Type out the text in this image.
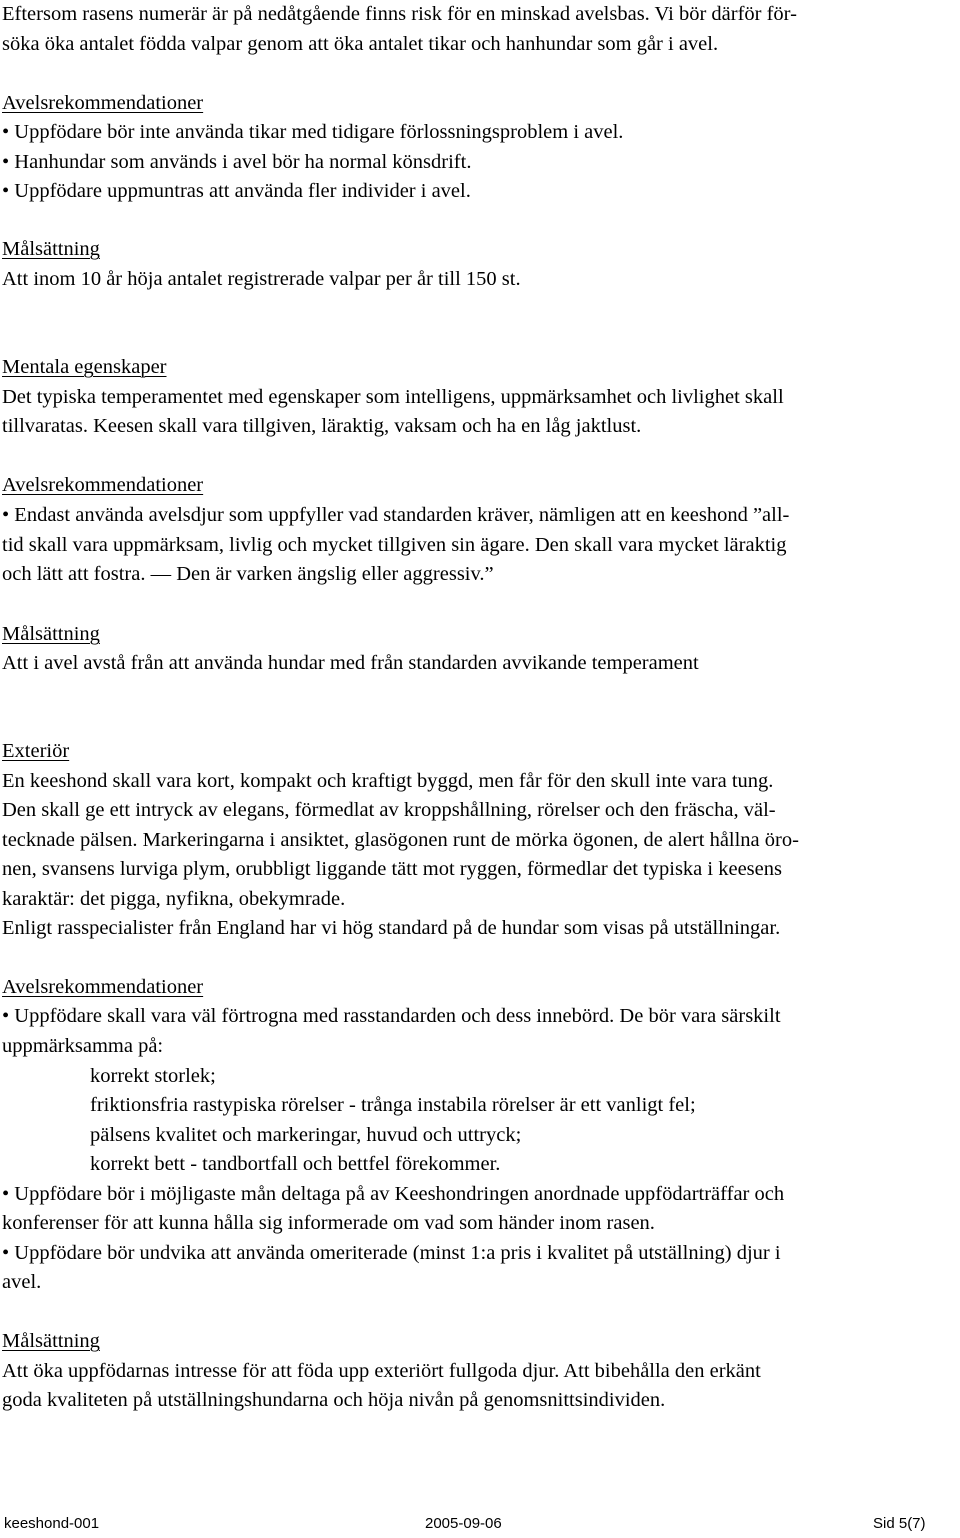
Eftersom rasens numerär är på nedåtgående finns risk för en minskad avelsbas. Vi bör därför för-
söka öka antalet födda valpar genom att öka antalet tikar och hanhundar som går i avel.
Avelsrekommendationer
• Uppfödare bör inte använda tikar med tidigare förlossningsproblem i avel.
• Hanhundar som används i avel bör ha normal könsdrift.
• Uppfödare uppmuntras att använda fler individer i avel.
Målsättning
Att inom 10 år höja antalet registrerade valpar per år till 150 st.
Mentala egenskaper
Det typiska temperamentet med egenskaper som intelligens, uppmärksamhet och livlighet skall
tillvaratas. Keesen skall vara tillgiven, läraktig, vaksam och ha en låg jaktlust.
Avelsrekommendationer
• Endast använda avelsdjur som uppfyller vad standarden kräver, nämligen att en keeshond ”all-
tid skall vara uppmärksam, livlig och mycket tillgiven sin ägare. Den skall vara mycket läraktig
och lätt att fostra. — Den är varken ängslig eller aggressiv.”
Målsättning
Att i avel avstå från att använda hundar med från standarden avvikande temperament
Exteriör
En keeshond skall vara kort, kompakt och kraftigt byggd, men får för den skull inte vara tung.
Den skall ge ett intryck av elegans, förmedlat av kroppshållning, rörelser och den fräscha, väl-
tecknade pälsen. Markeringarna i ansiktet, glasögonen runt de mörka ögonen, de alert hållna öro-
nen, svansens lurviga plym, orubbligt liggande tätt mot ryggen, förmedlar det typiska i keesens
karaktär: det pigga, nyfikna, obekymrade.
Enligt rasspecialister från England har vi hög standard på de hundar som visas på utställningar.
Avelsrekommendationer
• Uppfödare skall vara väl förtrogna med rasstandarden och dess innebörd. De bör vara särskilt
uppmärksamma på:
korrekt storlek;
friktionsfria rastypiska rörelser - trånga instabila rörelser är ett vanligt fel;
pälsens kvalitet och markeringar, huvud och uttryck;
korrekt bett - tandbortfall och bettfel förekommer.
• Uppfödare bör i möjligaste mån deltaga på av Keeshondringen anordnade uppfödarträffar och
konferenser för att kunna hålla sig informerade om vad som händer inom rasen.
• Uppfödare bör undvika att använda omeriterade (minst 1:a pris i kvalitet på utställning) djur i
avel.
Målsättning
Att öka uppfödarnas intresse för att föda upp exteriört fullgoda djur. Att bibehålla den erkänt
goda kvaliteten på utställningshundarna och höja nivån på genomsnittsindividen.
keeshond-001	2005-09-06	Sid 5(7)
